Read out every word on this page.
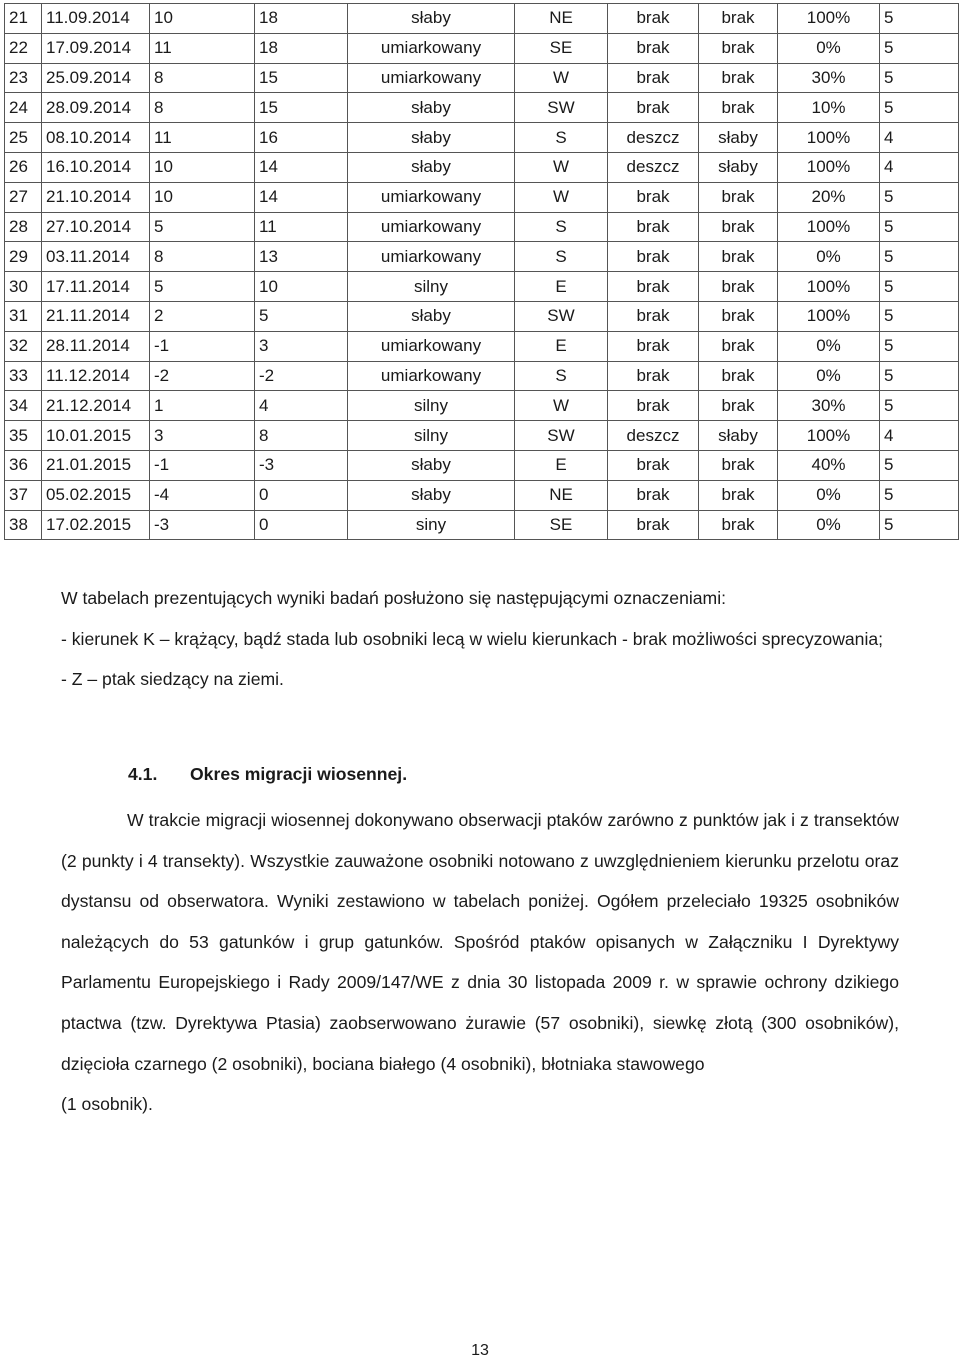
21	11.09.2014	10	18	słaby	NE	brak	brak	100%	5
22	17.09.2014	11	18	umiarkowany	SE	brak	brak	0%	5
23	25.09.2014	8	15	umiarkowany	W	brak	brak	30%	5
24	28.09.2014	8	15	słaby	SW	brak	brak	10%	5
25	08.10.2014	11	16	słaby	S	deszcz	słaby	100%	4
26	16.10.2014	10	14	słaby	W	deszcz	słaby	100%	4
27	21.10.2014	10	14	umiarkowany	W	brak	brak	20%	5
28	27.10.2014	5	11	umiarkowany	S	brak	brak	100%	5
29	03.11.2014	8	13	umiarkowany	S	brak	brak	0%	5
30	17.11.2014	5	10	silny	E	brak	brak	100%	5
31	21.11.2014	2	5	słaby	SW	brak	brak	100%	5
32	28.11.2014	-1	3	umiarkowany	E	brak	brak	0%	5
33	11.12.2014	-2	-2	umiarkowany	S	brak	brak	0%	5
34	21.12.2014	1	4	silny	W	brak	brak	30%	5
35	10.01.2015	3	8	silny	SW	deszcz	słaby	100%	4
36	21.01.2015	-1	-3	słaby	E	brak	brak	40%	5
37	05.02.2015	-4	0	słaby	NE	brak	brak	0%	5
38	17.02.2015	-3	0	siny	SE	brak	brak	0%	5

W tabelach prezentujących wyniki badań posłużono się następującymi oznaczeniami:

- kierunek K – krążący, bądź stada lub osobniki lecą w wielu kierunkach - brak możliwości sprecyzowania;

- Z – ptak siedzący na ziemi.

4.1. Okres migracji wiosennej.

W trakcie migracji wiosennej dokonywano obserwacji ptaków zarówno z punktów jak i z transektów (2 punkty i 4 transekty). Wszystkie zauważone osobniki notowano z uwzględnieniem kierunku przelotu oraz dystansu od obserwatora. Wyniki zestawiono w tabelach poniżej. Ogółem przeleciało 19325 osobników należących do 53 gatunków i grup gatunków. Spośród ptaków opisanych w Załączniku I Dyrektywy Parlamentu Europejskiego i Rady 2009/147/WE z dnia 30 listopada 2009 r. w sprawie ochrony dzikiego ptactwa (tzw. Dyrektywa Ptasia) zaobserwowano żurawie (57 osobniki), siewkę złotą (300 osobników), dzięcioła czarnego (2 osobniki), bociana białego (4 osobniki), błotniaka stawowego

(1 osobnik).

13
